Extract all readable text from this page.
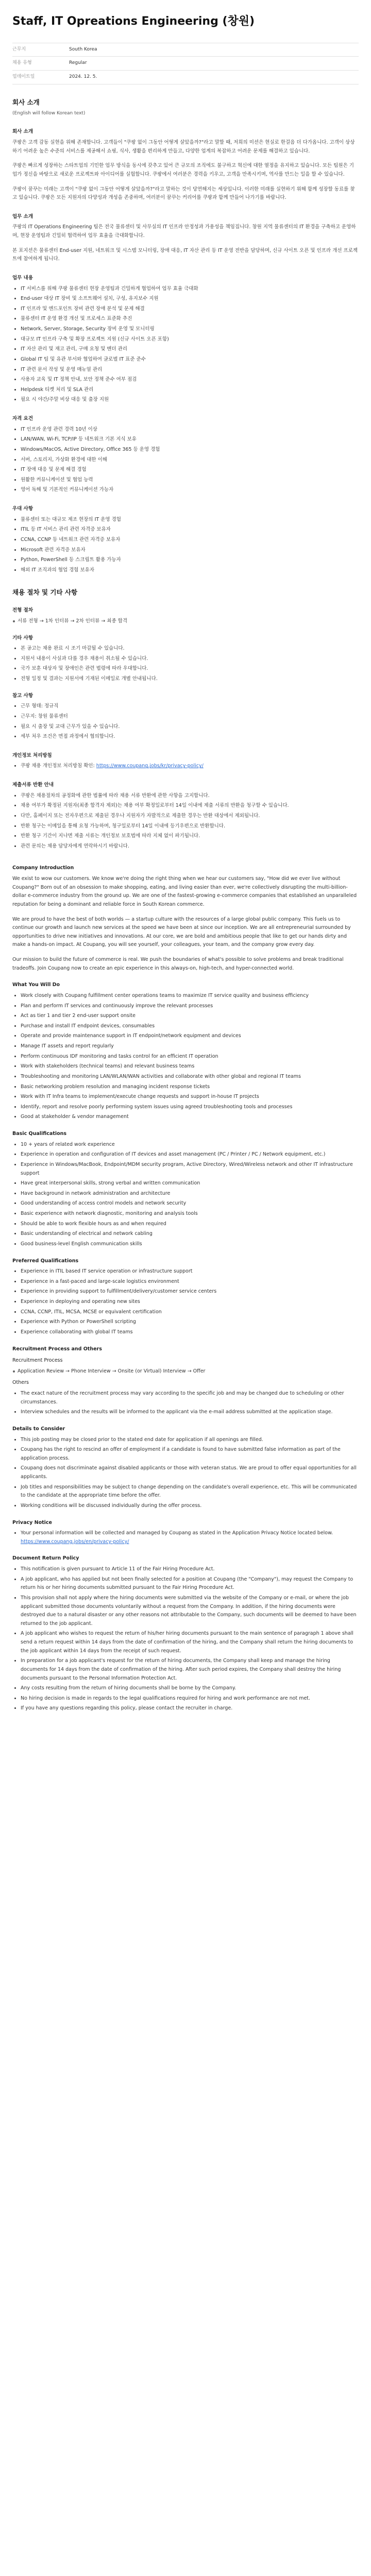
Staff, IT Opreations Engineering (창원)
근무지	South Korea
채용 유형	Regular
업데이트일	2024. 12. 5.
회사 소개

(English will follow Korean text)

회사 소개

쿠팡은 고객 감동 실현을 위해 존재합니다. 고객들이 "쿠팡 없이 그동안 어떻게 살았을까?"라고 말할 때, 저희의 미션은 현실로 한걸음 더 다가옵니다. 고객이 상상하기 어려운 높은 수준의 서비스를 제공해서 쇼핑, 식사, 생활을 편리하게 만들고, 다양한 업계의 복잡하고 어려운 문제를 해결하고 있습니다.

쿠팡은 빠르게 성장하는 스타트업의 기민한 업무 방식을 동시에 갖추고 있어 큰 규모의 조직에도 불구하고 혁신에 대한 열정을 유지하고 있습니다. 모든 팀원은 기업가 정신을 바탕으로 새로운 프로젝트와 아이디어를 실험합니다. 쿠팡에서 여러분은 경력을 키우고, 고객을 만족시키며, 역사를 만드는 일을 할 수 있습니다.

쿠팡이 꿈꾸는 미래는 고객이 "쿠팡 없이 그동안 어떻게 살았을까?"라고 말하는 것이 당연해지는 세상입니다. 이러한 미래를 실현하기 위해 함께 성장할 동료를 찾고 있습니다. 쿠팡은 모든 지원자의 다양성과 개성을 존중하며, 여러분이 꿈꾸는 커리어를 쿠팡과 함께 만들어 나가기를 바랍니다.

업무 소개

쿠팡의 IT Operations Engineering 팀은 전국 물류센터 및 사무실의 IT 인프라 안정성과 가용성을 책임집니다. 창원 지역 물류센터의 IT 환경을 구축하고 운영하며, 현장 운영팀과 긴밀히 협력하여 업무 효율을 극대화합니다.

본 포지션은 물류센터 End-user 지원, 네트워크 및 시스템 모니터링, 장애 대응, IT 자산 관리 등 IT 운영 전반을 담당하며, 신규 사이트 오픈 및 인프라 개선 프로젝트에 참여하게 됩니다.

업무 내용
• IT 서비스를 위해 쿠팡 물류센터 현장 운영팀과 긴밀하게 협업하여 업무 효율 극대화
• End-user 대상 IT 장비 및 소프트웨어 설치, 구성, 유지보수 지원
• IT 인프라 및 엔드포인트 장비 관련 장애 분석 및 문제 해결
• 물류센터 IT 운영 환경 개선 및 프로세스 표준화 추진
• Network, Server, Storage, Security 장비 운영 및 모니터링
• 대규모 IT 인프라 구축 및 확장 프로젝트 지원 (신규 사이트 오픈 포함)
• IT 자산 관리 및 재고 관리, 구매 요청 및 벤더 관리
• Global IT 팀 및 유관 부서와 협업하여 글로벌 IT 표준 준수
• IT 관련 문서 작성 및 운영 매뉴얼 관리
• 사용자 교육 및 IT 정책 안내, 보안 정책 준수 여부 점검
• Helpdesk 티켓 처리 및 SLA 관리
• 필요 시 야간/주말 비상 대응 및 출장 지원
자격 요건
• IT 인프라 운영 관련 경력 10년 이상
• LAN/WAN, Wi-Fi, TCP/IP 등 네트워크 기본 지식 보유
• Windows/MacOS, Active Directory, Office 365 등 운영 경험
• 서버, 스토리지, 가상화 환경에 대한 이해
• IT 장애 대응 및 문제 해결 경험
• 원활한 커뮤니케이션 및 협업 능력
• 영어 독해 및 기본적인 커뮤니케이션 가능자
우대 사항
• 물류센터 또는 대규모 제조 현장의 IT 운영 경험
• ITIL 등 IT 서비스 관리 관련 자격증 보유자
• CCNA, CCNP 등 네트워크 관련 자격증 보유자
• Microsoft 관련 자격증 보유자
• Python, PowerShell 등 스크립트 활용 가능자
• 해외 IT 조직과의 협업 경험 보유자
채용 절차 및 기타 사항
전형 절차
서류 전형 → 1차 인터뷰 → 2차 인터뷰 → 최종 합격
기타 사항
• 본 공고는 채용 완료 시 조기 마감될 수 있습니다.
• 지원서 내용이 사실과 다를 경우 채용이 취소될 수 있습니다.
• 국가 보훈 대상자 및 장애인은 관련 법령에 따라 우대합니다.
• 전형 일정 및 결과는 지원서에 기재된 이메일로 개별 안내됩니다.
참고 사항
• 근무 형태: 정규직
• 근무지: 창원 물류센터
• 필요 시 출장 및 교대 근무가 있을 수 있습니다.
• 세부 처우 조건은 면접 과정에서 협의합니다.
개인정보 처리방침
• 쿠팡 채용 개인정보 처리방침 확인: https://www.coupang.jobs/kr/privacy-policy/
제출서류 반환 안내
• 쿠팡은 채용절차의 공정화에 관한 법률에 따라 채용 서류 반환에 관한 사항을 고지합니다.
• 채용 여부가 확정된 지원자(최종 합격자 제외)는 채용 여부 확정일로부터 14일 이내에 제출 서류의 반환을 청구할 수 있습니다.
• 다만, 홈페이지 또는 전자우편으로 제출된 경우나 지원자가 자발적으로 제출한 경우는 반환 대상에서 제외됩니다.
• 반환 청구는 이메일을 통해 요청 가능하며, 청구일로부터 14일 이내에 등기우편으로 반환합니다.
• 반환 청구 기간이 지나면 제출 서류는 개인정보 보호법에 따라 지체 없이 파기됩니다.
• 관련 문의는 채용 담당자에게 연락하시기 바랍니다.
Company Introduction

We exist to wow our customers. We know we're doing the right thing when we hear our customers say, "How did we ever live without Coupang?" Born out of an obsession to make shopping, eating, and living easier than ever, we're collectively disrupting the multi-billion-dollar e-commerce industry from the ground up. We are one of the fastest-growing e-commerce companies that established an unparalleled reputation for being a dominant and reliable force in South Korean commerce.

We are proud to have the best of both worlds — a startup culture with the resources of a large global public company. This fuels us to continue our growth and launch new services at the speed we have been at since our inception. We are all entrepreneurial surrounded by opportunities to drive new initiatives and innovations. At our core, we are bold and ambitious people that like to get our hands dirty and make a hands-on impact. At Coupang, you will see yourself, your colleagues, your team, and the company grow every day.

Our mission to build the future of commerce is real. We push the boundaries of what's possible to solve problems and break traditional tradeoffs. Join Coupang now to create an epic experience in this always-on, high-tech, and hyper-connected world.

What You Will Do
• Work closely with Coupang fulfillment center operations teams to maximize IT service quality and business efficiency
• Plan and perform IT services and continuously improve the relevant processes
• Act as tier 1 and tier 2 end-user support onsite
• Purchase and install IT endpoint devices, consumables
• Operate and provide maintenance support in IT endpoint/network equipment and devices
• Manage IT assets and report regularly
• Perform continuous IDF monitoring and tasks control for an efficient IT operation
• Work with stakeholders (technical teams) and relevant business teams
• Troubleshooting and monitoring LAN/WLAN/WAN activities and collaborate with other global and regional IT teams
• Basic networking problem resolution and managing incident response tickets
• Work with IT Infra teams to implement/execute change requests and support in-house IT projects
• Identify, report and resolve poorly performing system issues using agreed troubleshooting tools and processes
• Good at stakeholder & vendor management
Basic Qualifications
• 10 + years of related work experience
• Experience in operation and configuration of IT devices and asset management (PC / Printer / PC / Network equipment, etc.)
• Experience in Windows/MacBook, Endpoint/MDM security program, Active Directory, Wired/Wireless network and other IT infrastructure support
• Have great interpersonal skills, strong verbal and written communication
• Have background in network administration and architecture
• Good understanding of access control models and network security
• Basic experience with network diagnostic, monitoring and analysis tools
• Should be able to work flexible hours as and when required
• Basic understanding of electrical and network cabling
• Good business-level English communication skills
Preferred Qualifications
• Experience in ITIL based IT service operation or infrastructure support
• Experience in a fast-paced and large-scale logistics environment
• Experience in providing support to fulfillment/delivery/customer service centers
• Experience in deploying and operating new sites
• CCNA, CCNP, ITIL, MCSA, MCSE or equivalent certification
• Experience with Python or PowerShell scripting
• Experience collaborating with global IT teams
Recruitment Process and Others
Recruitment Process
Application Review → Phone Interview → Onsite (or Virtual) Interview → Offer
Others
• The exact nature of the recruitment process may vary according to the specific job and may be changed due to scheduling or other circumstances.
• Interview schedules and the results will be informed to the applicant via the e-mail address submitted at the application stage.
Details to Consider
• This job posting may be closed prior to the stated end date for application if all openings are filled.
• Coupang has the right to rescind an offer of employment if a candidate is found to have submitted false information as part of the application process.
• Coupang does not discriminate against disabled applicants or those with veteran status. We are proud to offer equal opportunities for all applicants.
• Job titles and responsibilities may be subject to change depending on the candidate's overall experience, etc. This will be communicated to the candidate at the appropriate time before the offer.
• Working conditions will be discussed individually during the offer process.
Privacy Notice
• Your personal information will be collected and managed by Coupang as stated in the Application Privacy Notice located below.
https://www.coupang.jobs/en/privacy-policy/
Document Return Policy
• This notification is given pursuant to Article 11 of the Fair Hiring Procedure Act.
• A job applicant, who has applied but not been finally selected for a position at Coupang (the "Company"), may request the Company to return his or her hiring documents submitted pursuant to the Fair Hiring Procedure Act.
• This provision shall not apply where the hiring documents were submitted via the website of the Company or e-mail, or where the job applicant submitted those documents voluntarily without a request from the Company. In addition, if the hiring documents were destroyed due to a natural disaster or any other reasons not attributable to the Company, such documents will be deemed to have been returned to the job applicant.
• A job applicant who wishes to request the return of his/her hiring documents pursuant to the main sentence of paragraph 1 above shall send a return request within 14 days from the date of confirmation of the hiring, and the Company shall return the hiring documents to the job applicant within 14 days from the receipt of such request.
• In preparation for a job applicant's request for the return of hiring documents, the Company shall keep and manage the hiring documents for 14 days from the date of confirmation of the hiring. After such period expires, the Company shall destroy the hiring documents pursuant to the Personal Information Protection Act.
• Any costs resulting from the return of hiring documents shall be borne by the Company.
• No hiring decision is made in regards to the legal qualifications required for hiring and work performance are not met.
• If you have any questions regarding this policy, please contact the recruiter in charge.
